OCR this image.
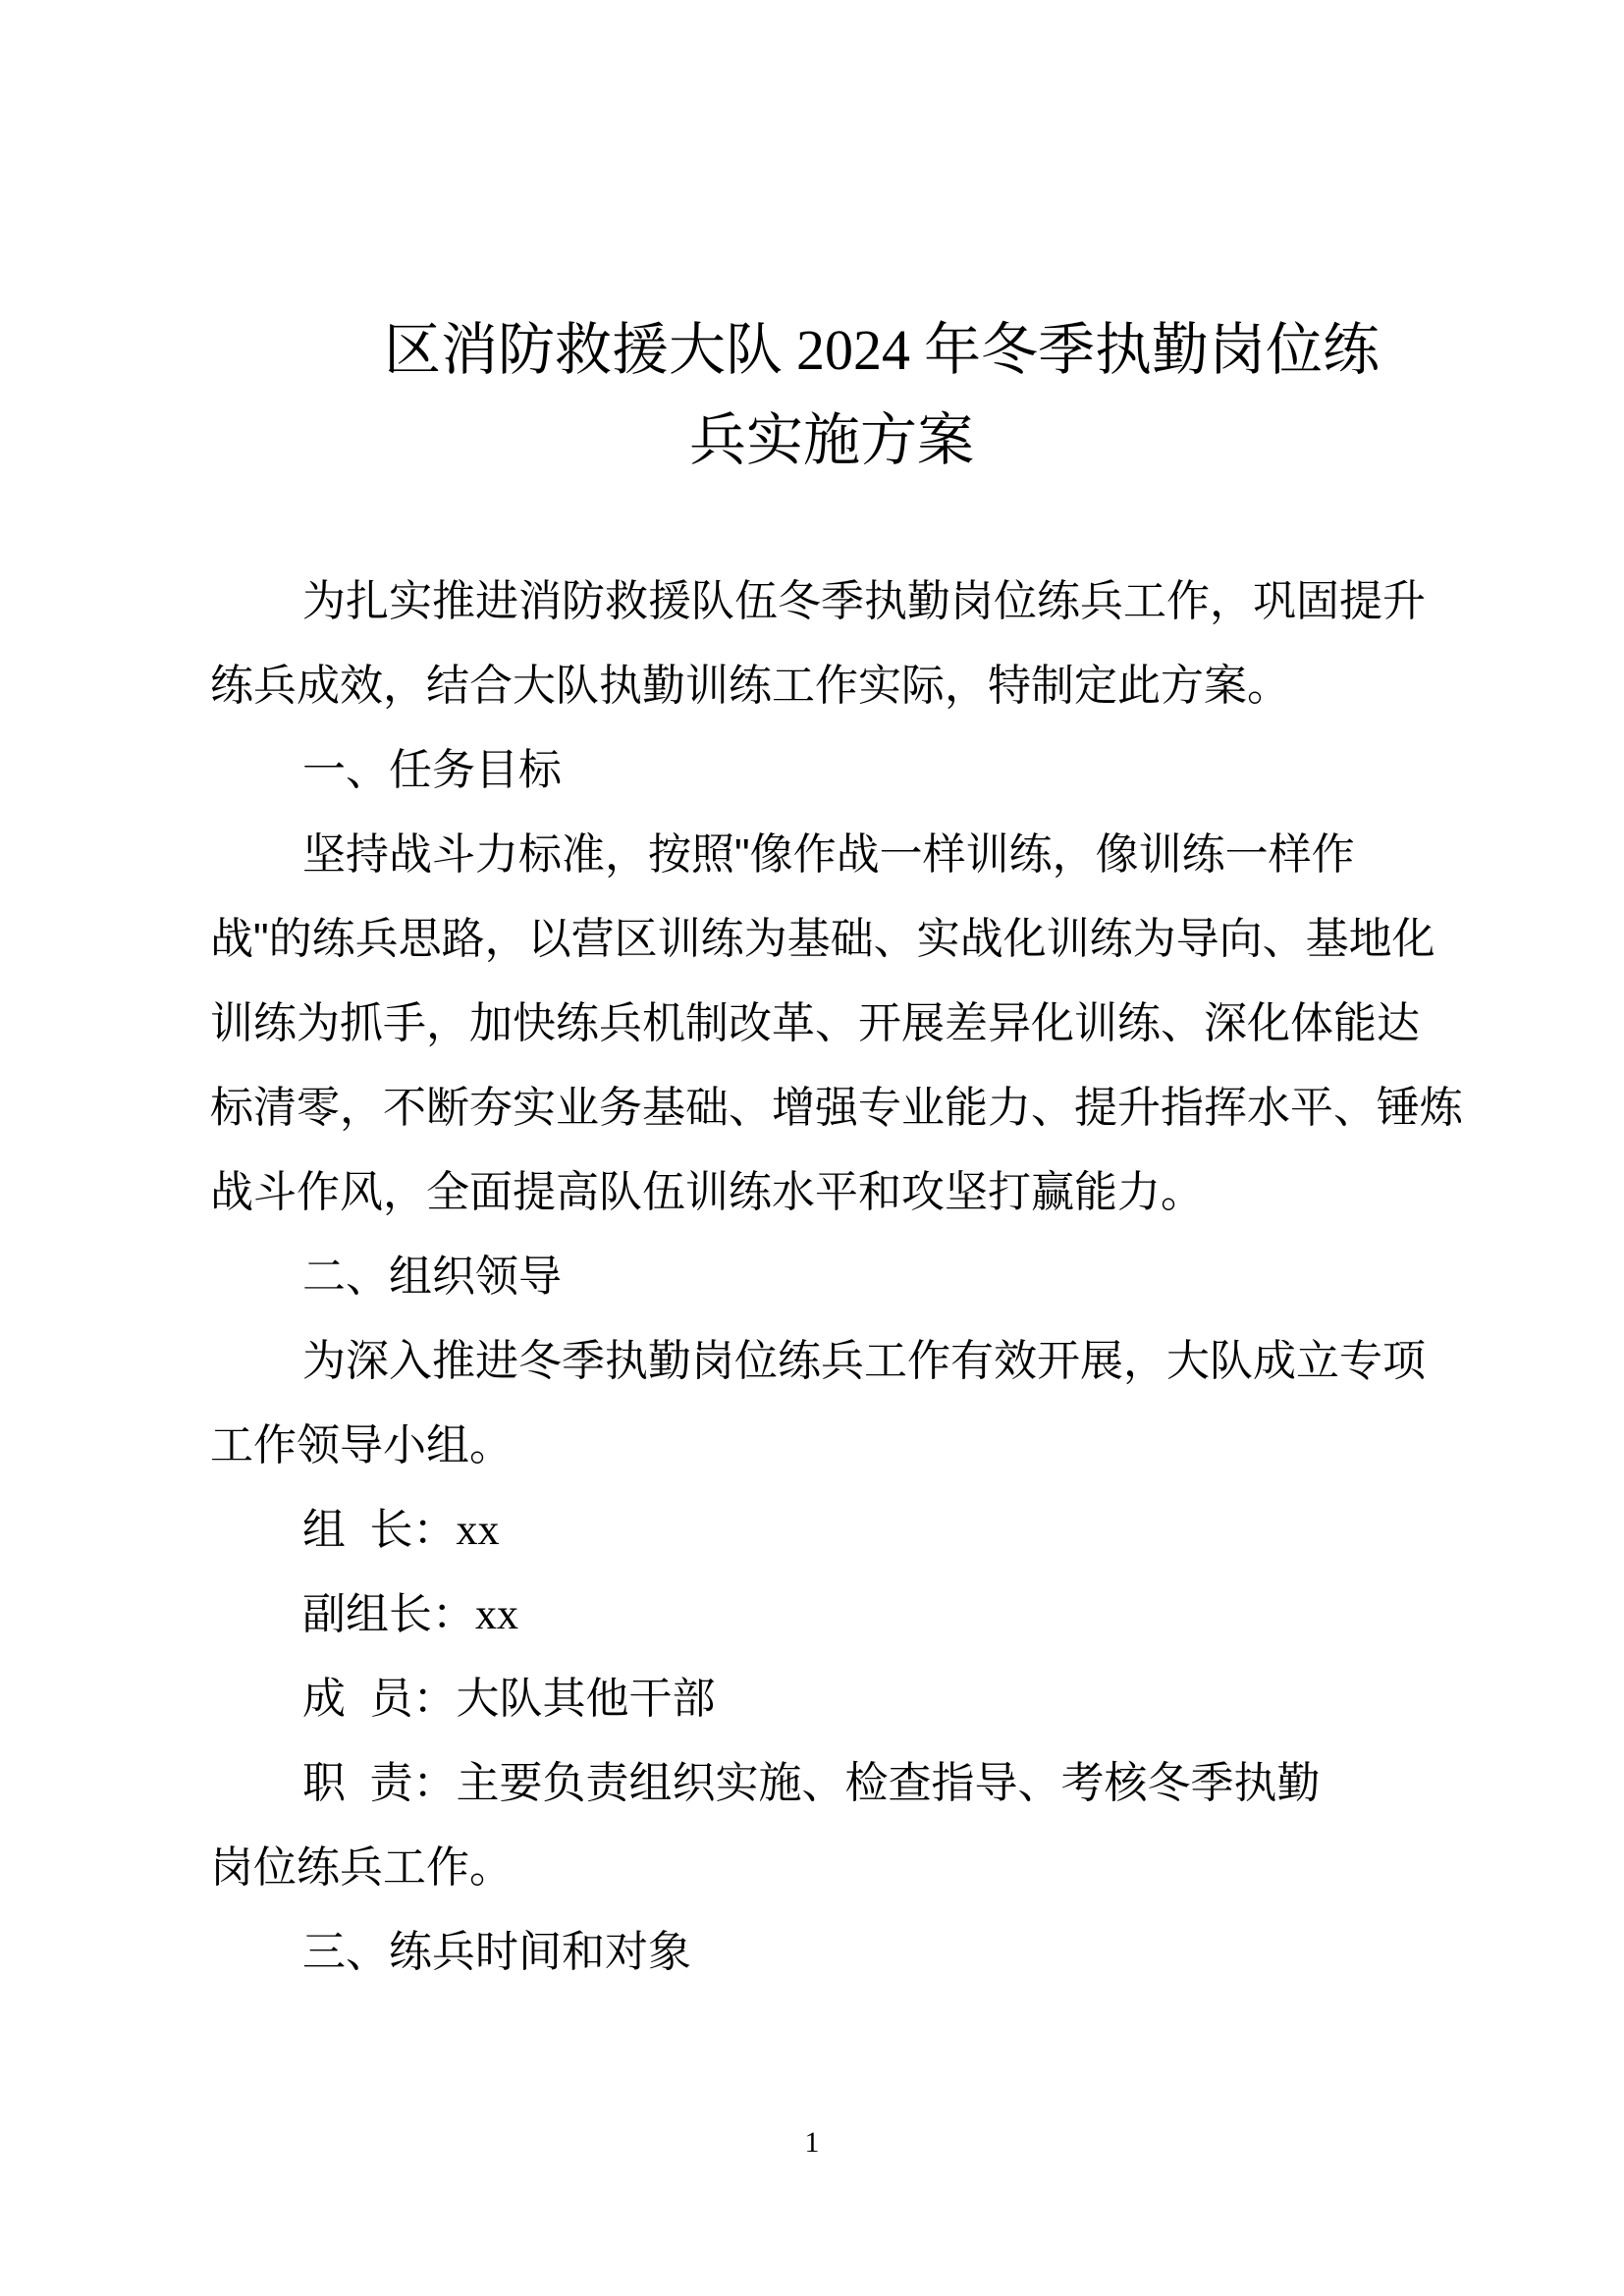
区消防救援大队 2024 年冬季执勤岗位练
兵实施方案
为扎实推进消防救援队伍冬季执勤岗位练兵工作，巩固提升
练兵成效，结合大队执勤训练工作实际，特制定此方案。
一、任务目标
坚持战斗力标准，按照"像作战一样训练，像训练一样作
战"的练兵思路，以营区训练为基础、实战化训练为导向、基地化
训练为抓手，加快练兵机制改革、开展差异化训练、深化体能达
标清零，不断夯实业务基础、增强专业能力、提升指挥水平、锤炼
战斗作风，全面提高队伍训练水平和攻坚打赢能力。
二、组织领导
为深入推进冬季执勤岗位练兵工作有效开展，大队成立专项
工作领导小组。
组  长：xx
副组长：xx
成  员：大队其他干部
职  责：主要负责组织实施、检查指导、考核冬季执勤
岗位练兵工作。
三、练兵时间和对象
1
